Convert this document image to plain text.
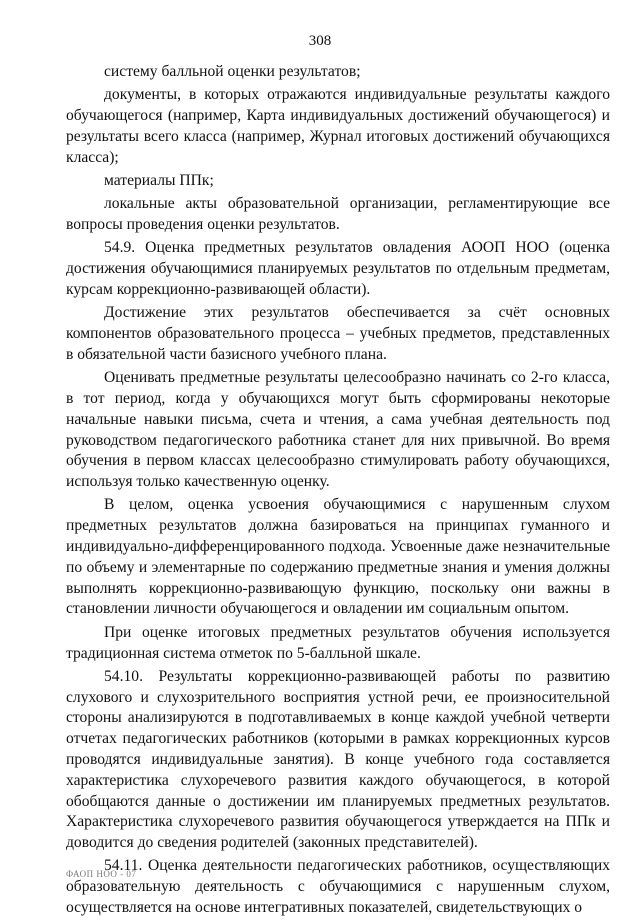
308

систему балльной оценки результатов;

документы, в которых отражаются индивидуальные результаты каждого обучающегося (например, Карта индивидуальных достижений обучающегося) и результаты всего класса (например, Журнал итоговых достижений обучающихся класса);

материалы ППк;

локальные акты образовательной организации, регламентирующие все вопросы проведения оценки результатов.

54.9. Оценка предметных результатов овладения АООП НОО (оценка достижения обучающимися планируемых результатов по отдельным предметам, курсам коррекционно-развивающей области).

Достижение этих результатов обеспечивается за счёт основных компонентов образовательного процесса – учебных предметов, представленных в обязательной части базисного учебного плана.

Оценивать предметные результаты целесообразно начинать со 2-го класса, в тот период, когда у обучающихся могут быть сформированы некоторые начальные навыки письма, счета и чтения, а сама учебная деятельность под руководством педагогического работника станет для них привычной. Во время обучения в первом классах целесообразно стимулировать работу обучающихся, используя только качественную оценку.

В целом, оценка усвоения обучающимися с нарушенным слухом предметных результатов должна базироваться на принципах гуманного и индивидуально-дифференцированного подхода. Усвоенные даже незначительные по объему и элементарные по содержанию предметные знания и умения должны выполнять коррекционно-развивающую функцию, поскольку они важны в становлении личности обучающегося и овладении им социальным опытом.

При оценке итоговых предметных результатов обучения используется традиционная система отметок по 5-балльной шкале.

54.10. Результаты коррекционно-развивающей работы по развитию слухового и слухозрительного восприятия устной речи, ее произносительной стороны анализируются в подготавливаемых в конце каждой учебной четверти отчетах педагогических работников (которыми в рамках коррекционных курсов проводятся индивидуальные занятия). В конце учебного года составляется характеристика слухоречевого развития каждого обучающегося, в которой обобщаются данные о достижении им планируемых предметных результатов. Характеристика слухоречевого развития обучающегося утверждается на ППк и доводится до сведения родителей (законных представителей).

54.11. Оценка деятельности педагогических работников, осуществляющих образовательную деятельность с обучающимися с нарушенным слухом, осуществляется на основе интегративных показателей, свидетельствующих о

ФАОП НОО - 07
